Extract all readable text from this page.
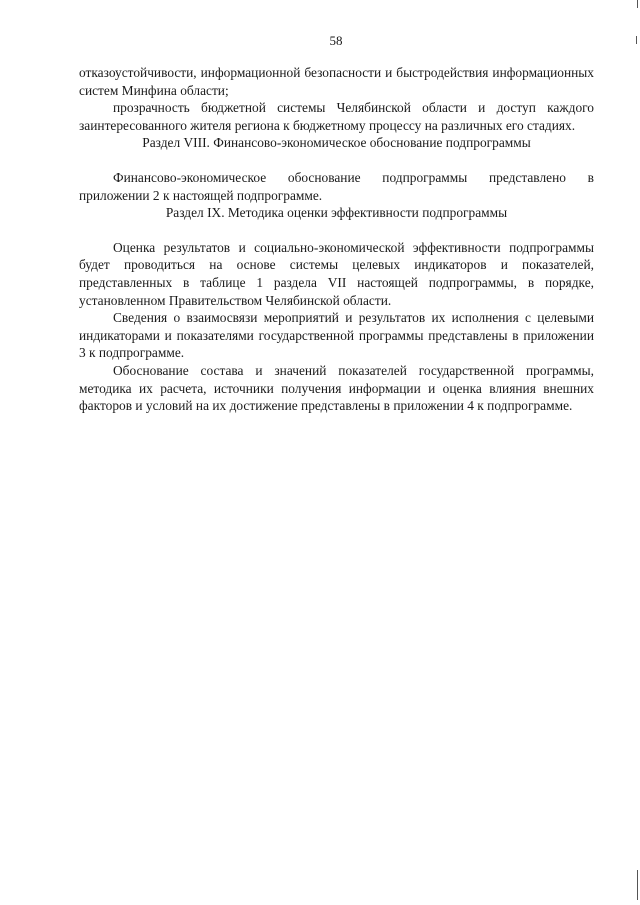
58

отказоустойчивости, информационной безопасности и быстродействия информационных систем Минфина области;

прозрачность бюджетной системы Челябинской области и доступ каждого заинтересованного жителя региона к бюджетному процессу на различных его стадиях.

Раздел VIII. Финансово-экономическое обоснование подпрограммы

Финансово-экономическое обоснование подпрограммы представлено в приложении 2 к настоящей подпрограмме.

Раздел IX. Методика оценки эффективности подпрограммы

Оценка результатов и социально-экономической эффективности подпрограммы будет проводиться на основе системы целевых индикаторов и показателей, представленных в таблице 1 раздела VII настоящей подпрограммы, в порядке, установленном Правительством Челябинской области.

Сведения о взаимосвязи мероприятий и результатов их исполнения с целевыми индикаторами и показателями государственной программы представлены в приложении 3 к подпрограмме.

Обоснование состава и значений показателей государственной программы, методика их расчета, источники получения информации и оценка влияния внешних факторов и условий на их достижение представлены в приложении 4 к подпрограмме.
